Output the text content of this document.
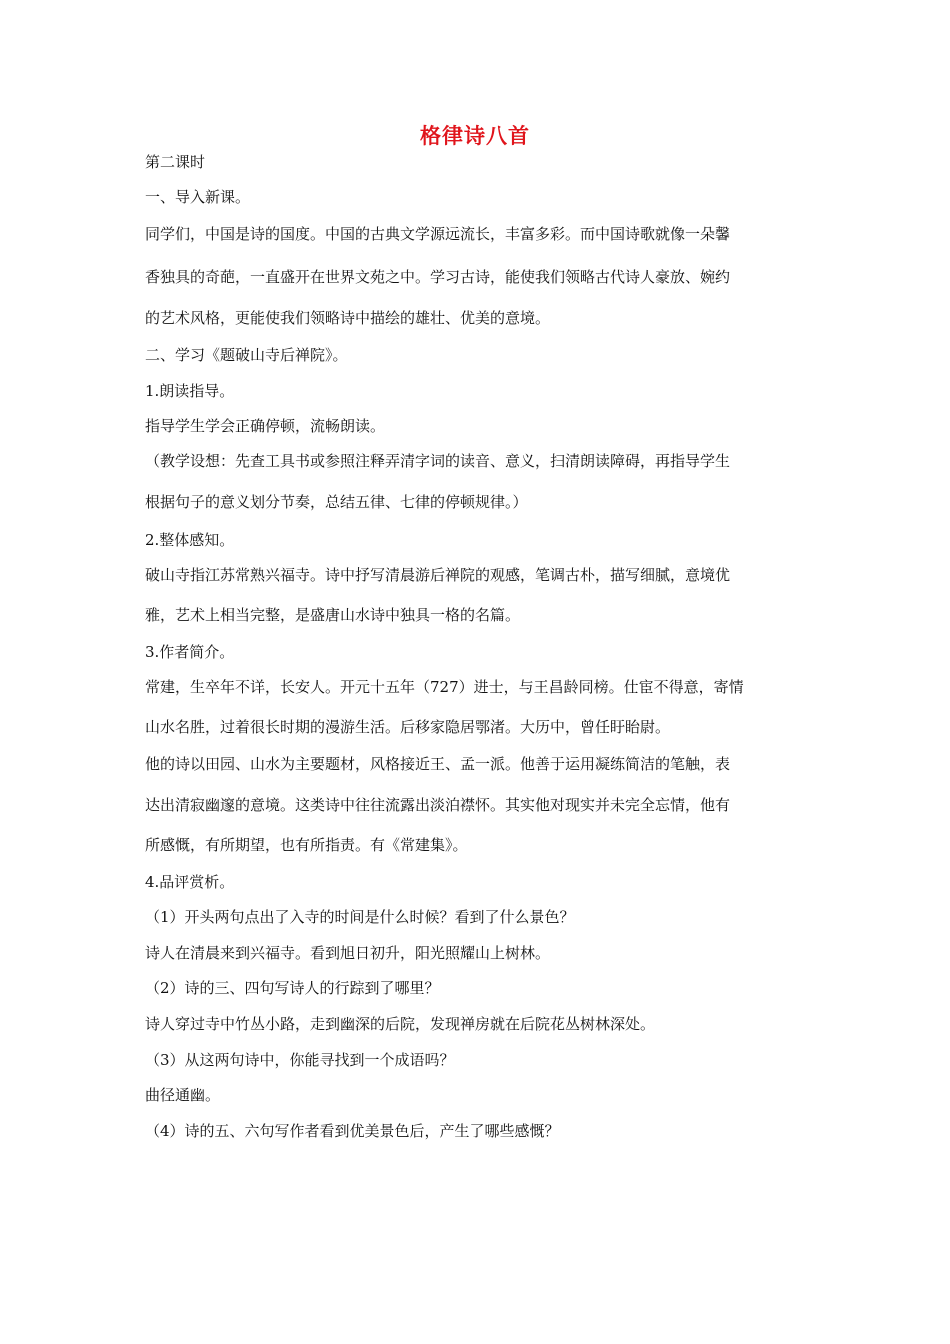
格律诗八首
第二课时
一、导入新课。
同学们，中国是诗的国度。中国的古典文学源远流长，丰富多彩。而中国诗歌就像一朵馨
香独具的奇葩，一直盛开在世界文苑之中。学习古诗，能使我们领略古代诗人豪放、婉约
的艺术风格，更能使我们领略诗中描绘的雄壮、优美的意境。
二、学习《题破山寺后禅院》。
1.朗读指导。
指导学生学会正确停顿，流畅朗读。
（教学设想：先查工具书或参照注释弄清字词的读音、意义，扫清朗读障碍，再指导学生
根据句子的意义划分节奏，总结五律、七律的停顿规律。）
2.整体感知。
破山寺指江苏常熟兴福寺。诗中抒写清晨游后禅院的观感，笔调古朴，描写细腻，意境优
雅，艺术上相当完整，是盛唐山水诗中独具一格的名篇。
3.作者简介。
常建，生卒年不详，长安人。开元十五年（727）进士，与王昌龄同榜。仕宦不得意，寄情
山水名胜，过着很长时期的漫游生活。后移家隐居鄂渚。大历中，曾任盱眙尉。
他的诗以田园、山水为主要题材，风格接近王、孟一派。他善于运用凝练简洁的笔触，表
达出清寂幽邃的意境。这类诗中往往流露出淡泊襟怀。其实他对现实并未完全忘情，他有
所感慨，有所期望，也有所指责。有《常建集》。
4.品评赏析。
（1）开头两句点出了入寺的时间是什么时候？看到了什么景色？
诗人在清晨来到兴福寺。看到旭日初升，阳光照耀山上树林。
（2）诗的三、四句写诗人的行踪到了哪里？
诗人穿过寺中竹丛小路，走到幽深的后院，发现禅房就在后院花丛树林深处。
（3）从这两句诗中，你能寻找到一个成语吗？
曲径通幽。
（4）诗的五、六句写作者看到优美景色后，产生了哪些感慨？
